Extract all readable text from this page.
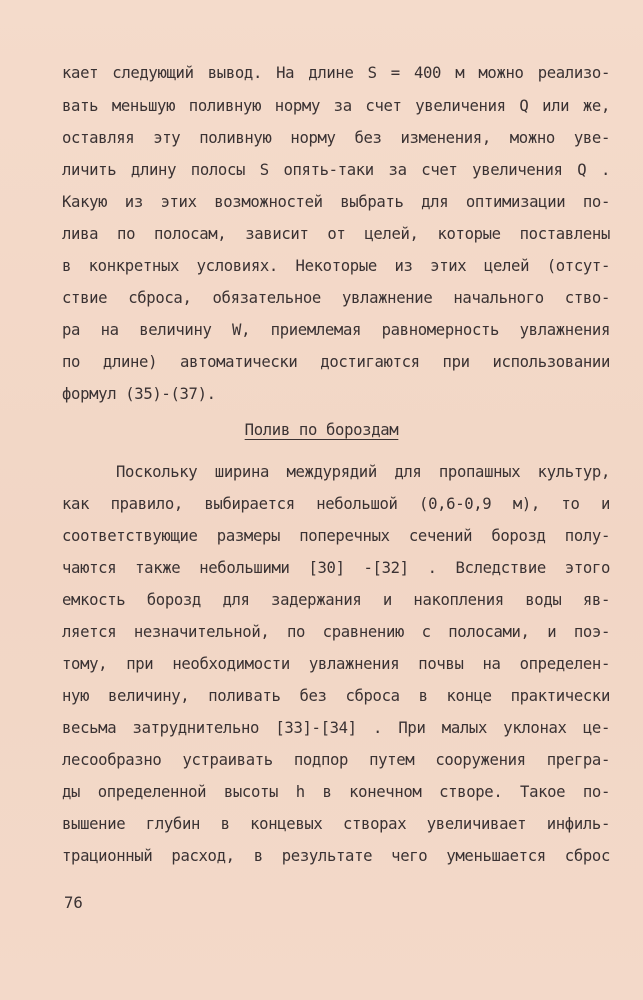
кает следующий вывод. На длине S = 400 м можно реализо-
вать меньшую поливную норму за счет увеличения Q или же,
оставляя эту поливную норму без изменения, можно уве-
личить длину полосы S опять-таки за счет увеличения Q .
Какую из этих возможностей выбрать для оптимизации по-
лива по полосам, зависит от целей, которые поставлены
в конкретных условиях. Некоторые из этих целей (отсут-
ствие сброса, обязательное увлажнение начального ство-
ра на величину W, приемлемая равномерность увлажнения
по длине) автоматически достигаются при использовании
формул (35)-(37).
Полив по бороздам
Поскольку ширина междурядий для пропашных культур,
как правило, выбирается небольшой (0,6-0,9 м), то и
соответствующие размеры поперечных сечений борозд полу-
чаются также небольшими [30] -[32] . Вследствие этого
емкость борозд для задержания и накопления воды яв-
ляется незначительной, по сравнению с полосами, и поэ-
тому, при необходимости увлажнения почвы на определен-
ную величину, поливать без сброса в конце практически
весьма затруднительно [33]-[34] . При малых уклонах це-
лесообразно устраивать подпор путем сооружения прегра-
ды определенной высоты h в конечном створе. Такое по-
вышение глубин в концевых створах увеличивает инфиль-
трационный расход, в результате чего уменьшается сброс
76
